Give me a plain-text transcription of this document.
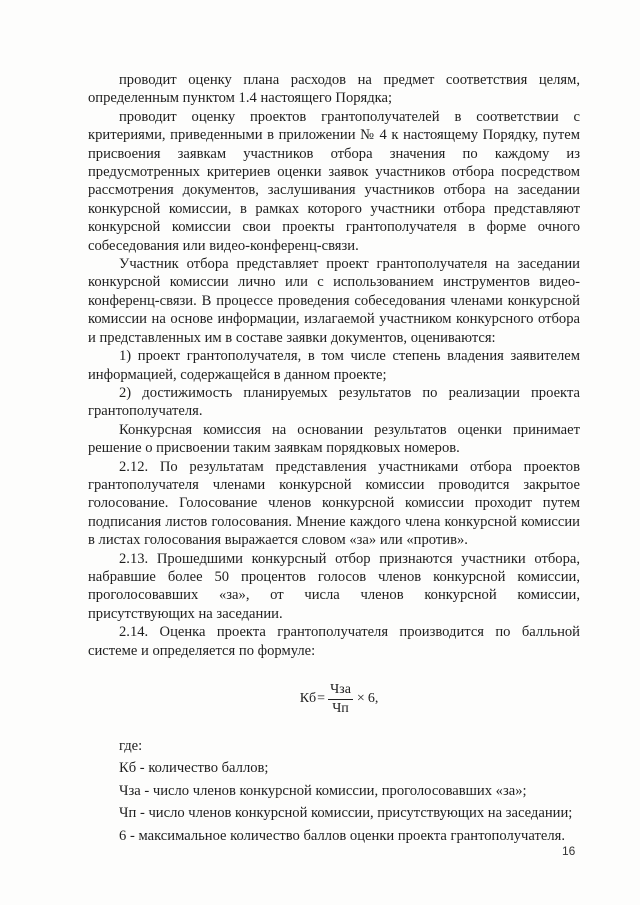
проводит оценку плана расходов на предмет соответствия целям, определенным пунктом 1.4 настоящего Порядка;

проводит оценку проектов грантополучателей в соответствии с критериями, приведенными в приложении № 4 к настоящему Порядку, путем присвоения заявкам участников отбора значения по каждому из предусмотренных критериев оценки заявок участников отбора посредством рассмотрения документов, заслушивания участников отбора на заседании конкурсной комиссии, в рамках которого участники отбора представляют конкурсной комиссии свои проекты грантополучателя в форме очного собеседования или видео-конференц-связи.

Участник отбора представляет проект грантополучателя на заседании конкурсной комиссии лично или с использованием инструментов видео-конференц-связи. В процессе проведения собеседования членами конкурсной комиссии на основе информации, излагаемой участником конкурсного отбора и представленных им в составе заявки документов, оцениваются:

1) проект грантополучателя, в том числе степень владения заявителем информацией, содержащейся в данном проекте;

2) достижимость планируемых результатов по реализации проекта грантополучателя.

Конкурсная комиссия на основании результатов оценки принимает решение о присвоении таким заявкам порядковых номеров.

2.12. По результатам представления участниками отбора проектов грантополучателя членами конкурсной комиссии проводится закрытое голосование. Голосование членов конкурсной комиссии проходит путем подписания листов голосования. Мнение каждого члена конкурсной комиссии в листах голосования выражается словом «за» или «против».

2.13. Прошедшими конкурсный отбор признаются участники отбора, набравшие более 50 процентов голосов членов конкурсной комиссии, проголосовавших «за», от числа членов конкурсной комиссии, присутствующих на заседании.

2.14. Оценка проекта грантополучателя производится по балльной системе и определяется по формуле:

Кб = $\frac{\text{Чза}}{Чп} \times 6$ ,

где:

Кб - количество баллов;

Чза - число членов конкурсной комиссии, проголосовавших «за»;

Чп - число членов конкурсной комиссии, присутствующих на заседании;

6 - максимальное количество баллов оценки проекта грантополучателя.

16
